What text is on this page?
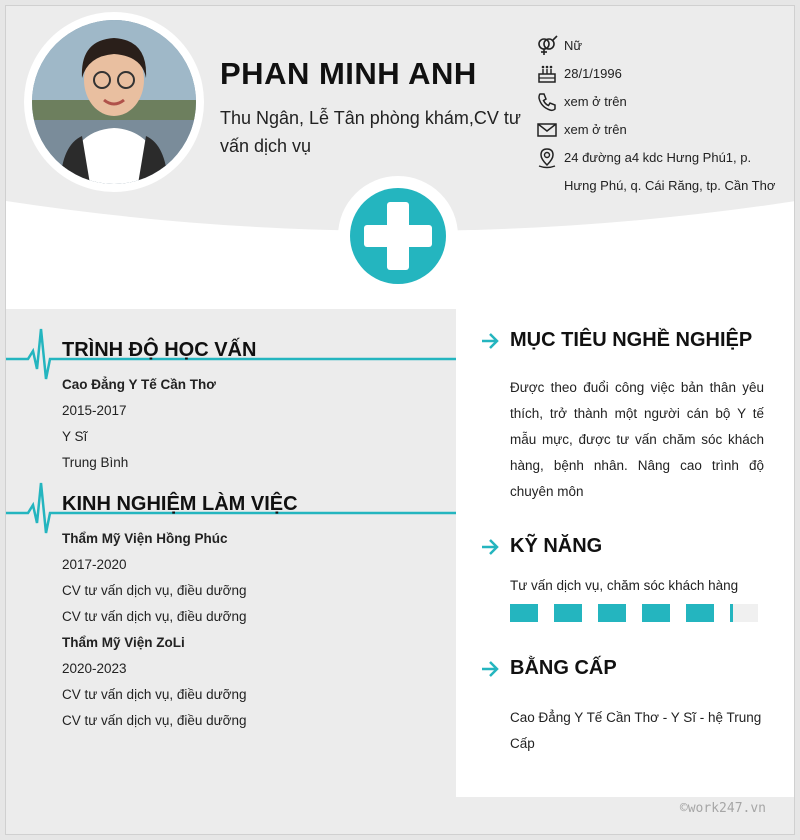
PHAN MINH ANH
Thu Ngân, Lễ Tân phòng khám,CV tư vấn dịch vụ
Nữ
28/1/1996
xem ở trên
xem ở trên
24 đường a4 kdc Hưng Phú1, p. Hưng Phú, q. Cái Răng, tp. Cần Thơ
TRÌNH ĐỘ HỌC VẤN
Cao Đẳng Y Tế Cần Thơ
2015-2017
Y Sĩ
Trung Bình
KINH NGHIỆM LÀM VIỆC
Thẩm Mỹ Viện Hồng Phúc
2017-2020
CV tư vấn dịch vụ, điều dưỡng
CV tư vấn dịch vụ, điều dưỡng
Thẩm Mỹ Viện ZoLi
2020-2023
CV tư vấn dịch vụ, điều dưỡng
CV tư vấn dịch vụ, điều dưỡng
MỤC TIÊU NGHỀ NGHIỆP
Được theo đuổi công việc bản thân yêu thích, trở thành một người cán bộ Y tế mẫu mực, được tư vấn chăm sóc khách hàng, bệnh nhân. Nâng cao trình độ chuyên môn
KỸ NĂNG
Tư vấn dịch vụ, chăm sóc khách hàng
BẰNG CẤP
Cao Đẳng Y Tế Cần Thơ - Y Sĩ - hệ Trung Cấp
©work247.vn
